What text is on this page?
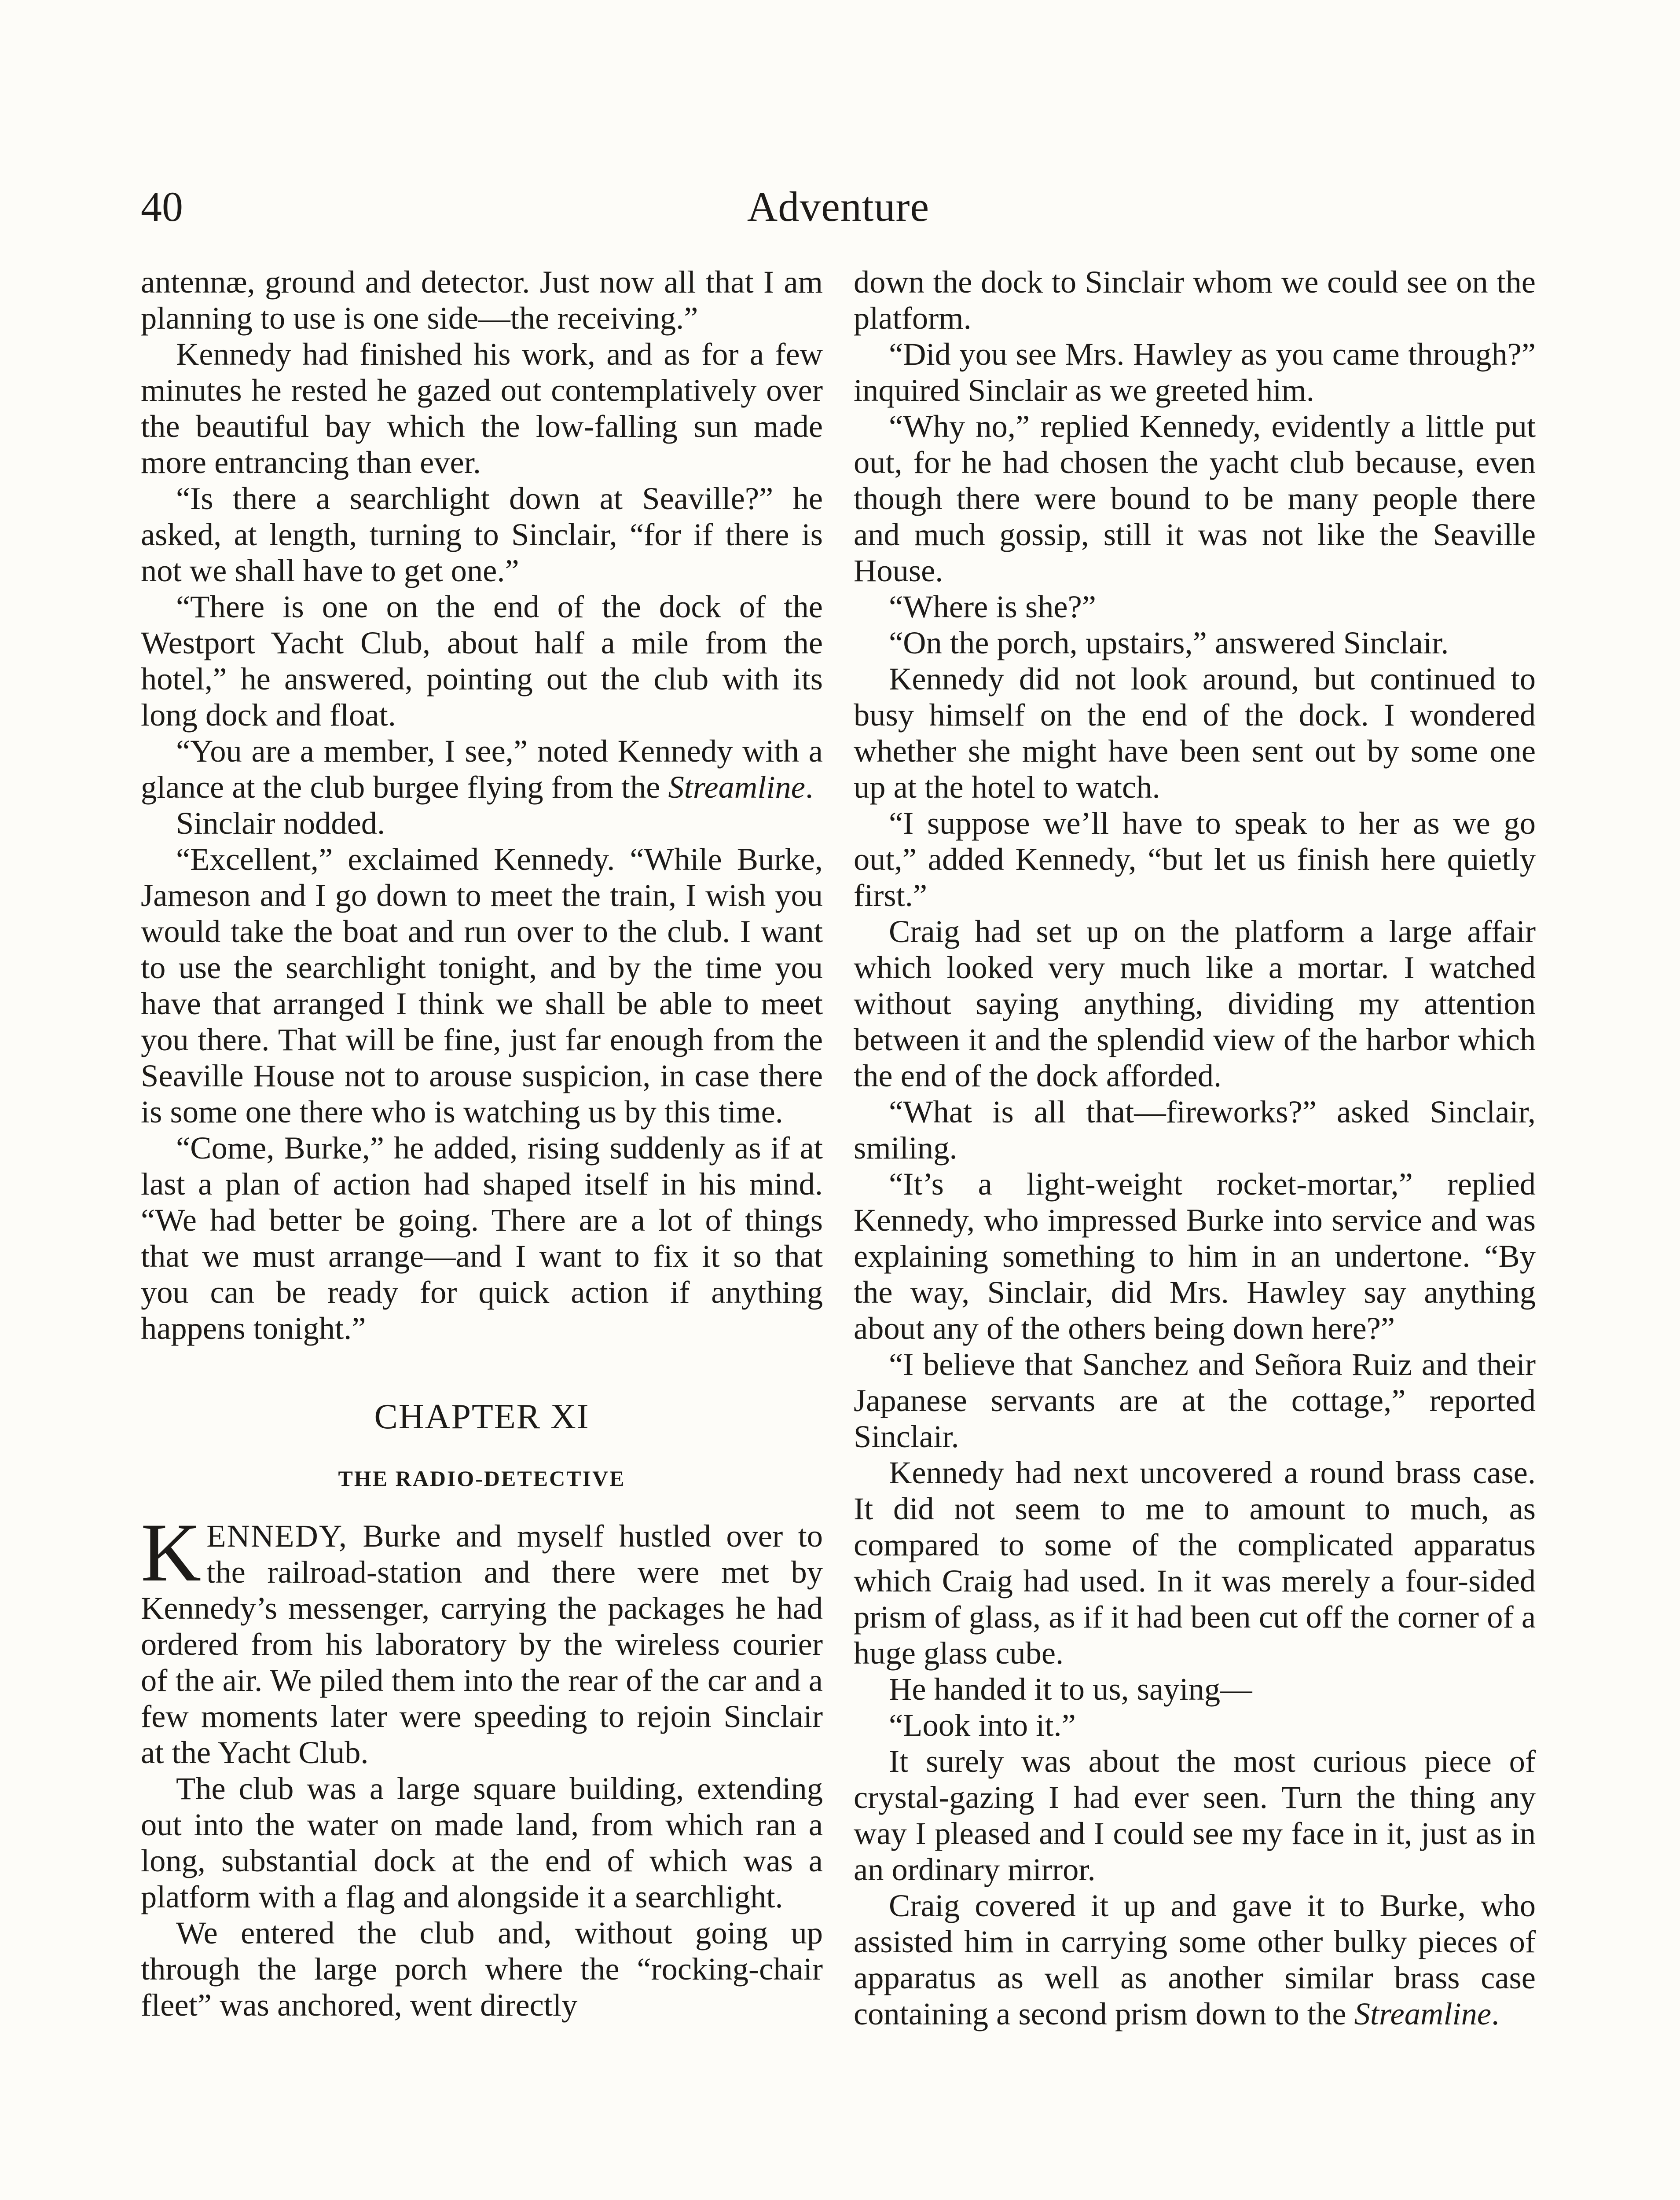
40	Adventure

antennæ, ground and detector. Just now all that I am planning to use is one side—the receiving.”

Kennedy had finished his work, and as for a few minutes he rested he gazed out contemplatively over the beautiful bay which the low-falling sun made more entrancing than ever.

“Is there a searchlight down at Seaville?” he asked, at length, turning to Sinclair, “for if there is not we shall have to get one.”

“There is one on the end of the dock of the Westport Yacht Club, about half a mile from the hotel,” he answered, pointing out the club with its long dock and float.

“You are a member, I see,” noted Kennedy with a glance at the club burgee flying from the Streamline.

Sinclair nodded.

“Excellent,” exclaimed Kennedy. “While Burke, Jameson and I go down to meet the train, I wish you would take the boat and run over to the club. I want to use the searchlight tonight, and by the time you have that arranged I think we shall be able to meet you there. That will be fine, just far enough from the Seaville House not to arouse suspicion, in case there is some one there who is watching us by this time.

“Come, Burke,” he added, rising suddenly as if at last a plan of action had shaped itself in his mind. “We had better be going. There are a lot of things that we must arrange—and I want to fix it so that you can be ready for quick action if anything happens tonight.”

CHAPTER XI
THE RADIO-DETECTIVE

KENNEDY, Burke and myself hustled over to the railroad-station and there were met by Kennedy’s messenger, carrying the packages he had ordered from his laboratory by the wireless courier of the air. We piled them into the rear of the car and a few moments later were speeding to rejoin Sinclair at the Yacht Club.

The club was a large square building, extending out into the water on made land, from which ran a long, substantial dock at the end of which was a platform with a flag and alongside it a searchlight.

We entered the club and, without going up through the large porch where the “rocking-chair fleet” was anchored, went directly

down the dock to Sinclair whom we could see on the platform.

“Did you see Mrs. Hawley as you came through?” inquired Sinclair as we greeted him.

“Why no,” replied Kennedy, evidently a little put out, for he had chosen the yacht club because, even though there were bound to be many people there and much gossip, still it was not like the Seaville House.

“Where is she?”

“On the porch, upstairs,” answered Sinclair.

Kennedy did not look around, but continued to busy himself on the end of the dock. I wondered whether she might have been sent out by some one up at the hotel to watch.

“I suppose we’ll have to speak to her as we go out,” added Kennedy, “but let us finish here quietly first.”

Craig had set up on the platform a large affair which looked very much like a mortar. I watched without saying anything, dividing my attention between it and the splendid view of the harbor which the end of the dock afforded.

“What is all that—fireworks?” asked Sinclair, smiling.

“It’s a light-weight rocket-mortar,” replied Kennedy, who impressed Burke into service and was explaining something to him in an undertone. “By the way, Sinclair, did Mrs. Hawley say anything about any of the others being down here?”

“I believe that Sanchez and Señora Ruiz and their Japanese servants are at the cottage,” reported Sinclair.

Kennedy had next uncovered a round brass case. It did not seem to me to amount to much, as compared to some of the complicated apparatus which Craig had used. In it was merely a four-sided prism of glass, as if it had been cut off the corner of a huge glass cube.

He handed it to us, saying—

“Look into it.”

It surely was about the most curious piece of crystal-gazing I had ever seen. Turn the thing any way I pleased and I could see my face in it, just as in an ordinary mirror.

Craig covered it up and gave it to Burke, who assisted him in carrying some other bulky pieces of apparatus as well as another similar brass case containing a second prism down to the Streamline.
